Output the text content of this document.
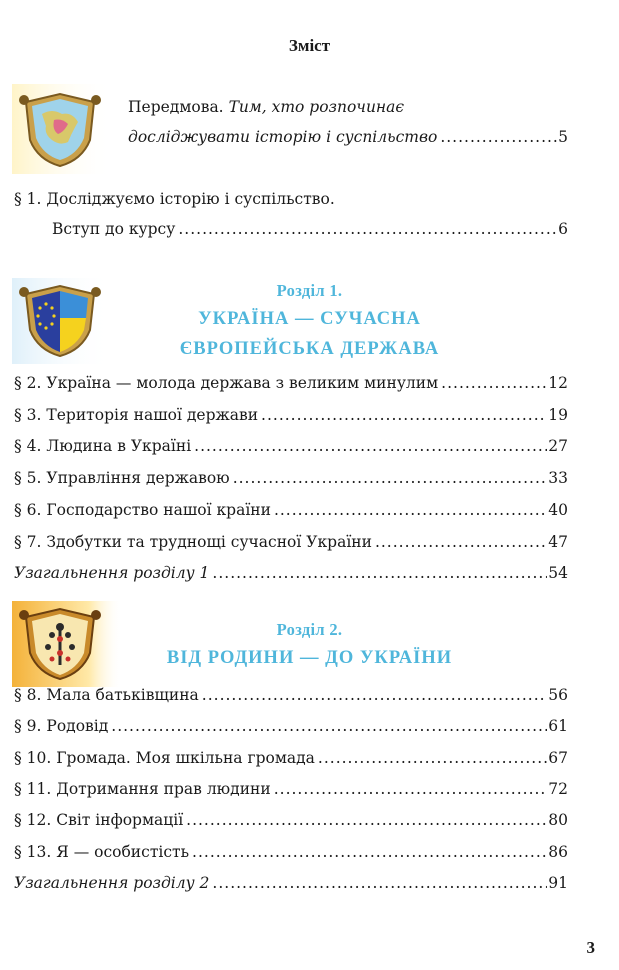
Зміст
Передмова. Тим, хто розпочинає
досліджувати історію і суспільство .....	5
§ 1. Досліджуємо історію і суспільство.
Вступ до курсу .....	6
Розділ 1.
УКРАЇНА — СУЧАСНА
ЄВРОПЕЙСЬКА ДЕРЖАВА
§ 2. Україна — молода держава з великим минулим .....	12
§ 3. Територія нашої держави .....	19
§ 4. Людина в Україні .....	27
§ 5. Управління державою .....	33
§ 6. Господарство нашої країни .....	40
§ 7. Здобутки та труднощі сучасної України .....	47
Узагальнення розділу 1 .....	54
Розділ 2.
ВІД РОДИНИ — ДО УКРАЇНИ
§ 8. Мала батьківщина .....	56
§ 9. Родовід .....	61
§ 10. Громада. Моя шкільна громада .....	67
§ 11. Дотримання прав людини .....	72
§ 12. Світ інформації .....	80
§ 13. Я — особистість .....	86
Узагальнення розділу 2 .....	91
3
